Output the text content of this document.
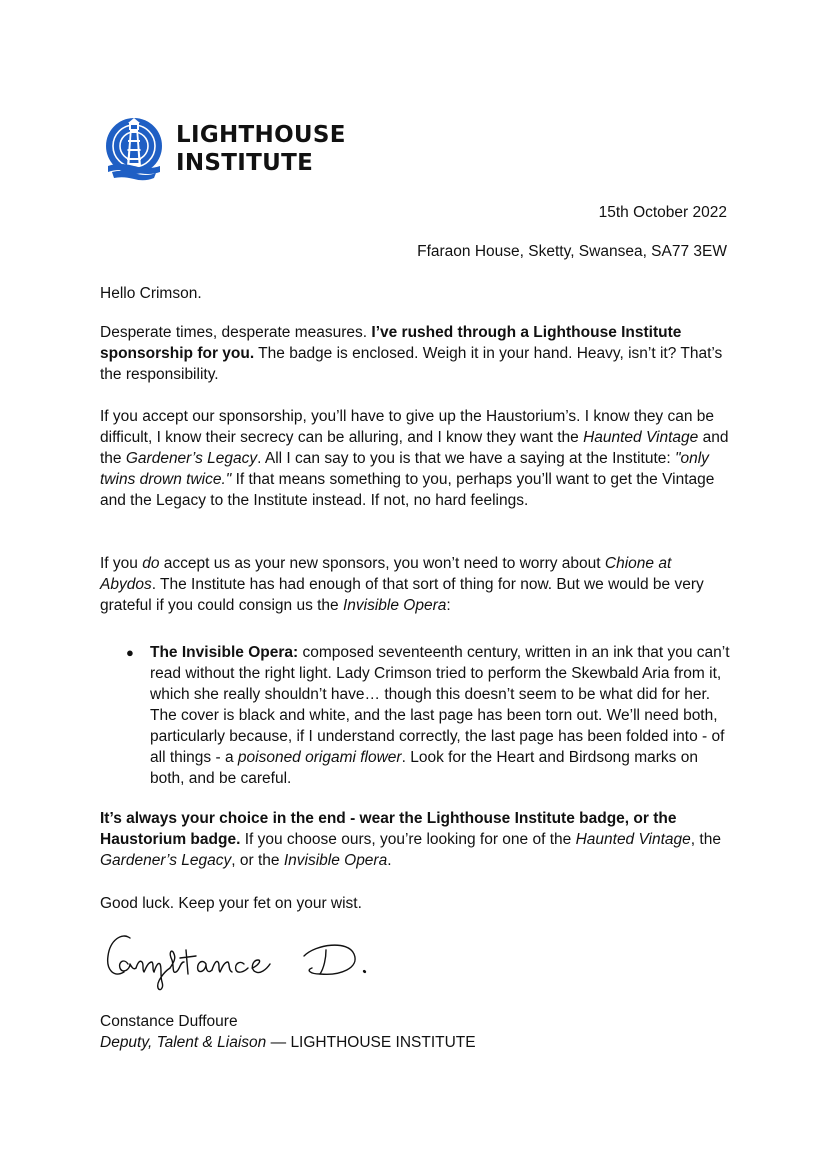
LIGHTHOUSE
INSTITUTE
15th October 2022
Ffaraon House, Sketty, Swansea, SA77 3EW

Hello Crimson.

Desperate times, desperate measures. I’ve rushed through a Lighthouse Institute sponsorship for you. The badge is enclosed. Weigh it in your hand. Heavy, isn’t it? That’s the responsibility.

If you accept our sponsorship, you’ll have to give up the Haustorium’s. I know they can be difficult, I know their secrecy can be alluring, and I know they want the Haunted Vintage and the Gardener’s Legacy. All I can say to you is that we have a saying at the Institute: "only twins drown twice." If that means something to you, perhaps you’ll want to get the Vintage and the Legacy to the Institute instead. If not, no hard feelings.

If you do accept us as your new sponsors, you won’t need to worry about Chione at Abydos. The Institute has had enough of that sort of thing for now. But we would be very grateful if you could consign us the Invisible Opera:

● The Invisible Opera: composed seventeenth century, written in an ink that you can’t read without the right light. Lady Crimson tried to perform the Skewbald Aria from it, which she really shouldn’t have… though this doesn’t seem to be what did for her. The cover is black and white, and the last page has been torn out. We’ll need both, particularly because, if I understand correctly, the last page has been folded into - of all things - a poisoned origami flower. Look for the Heart and Birdsong marks on both, and be careful.

It’s always your choice in the end - wear the Lighthouse Institute badge, or the Haustorium badge. If you choose ours, you’re looking for one of the Haunted Vintage, the Gardener’s Legacy, or the Invisible Opera.

Good luck. Keep your fet on your wist.

Constance Duffoure
Deputy, Talent & Liaison — LIGHTHOUSE INSTITUTE
